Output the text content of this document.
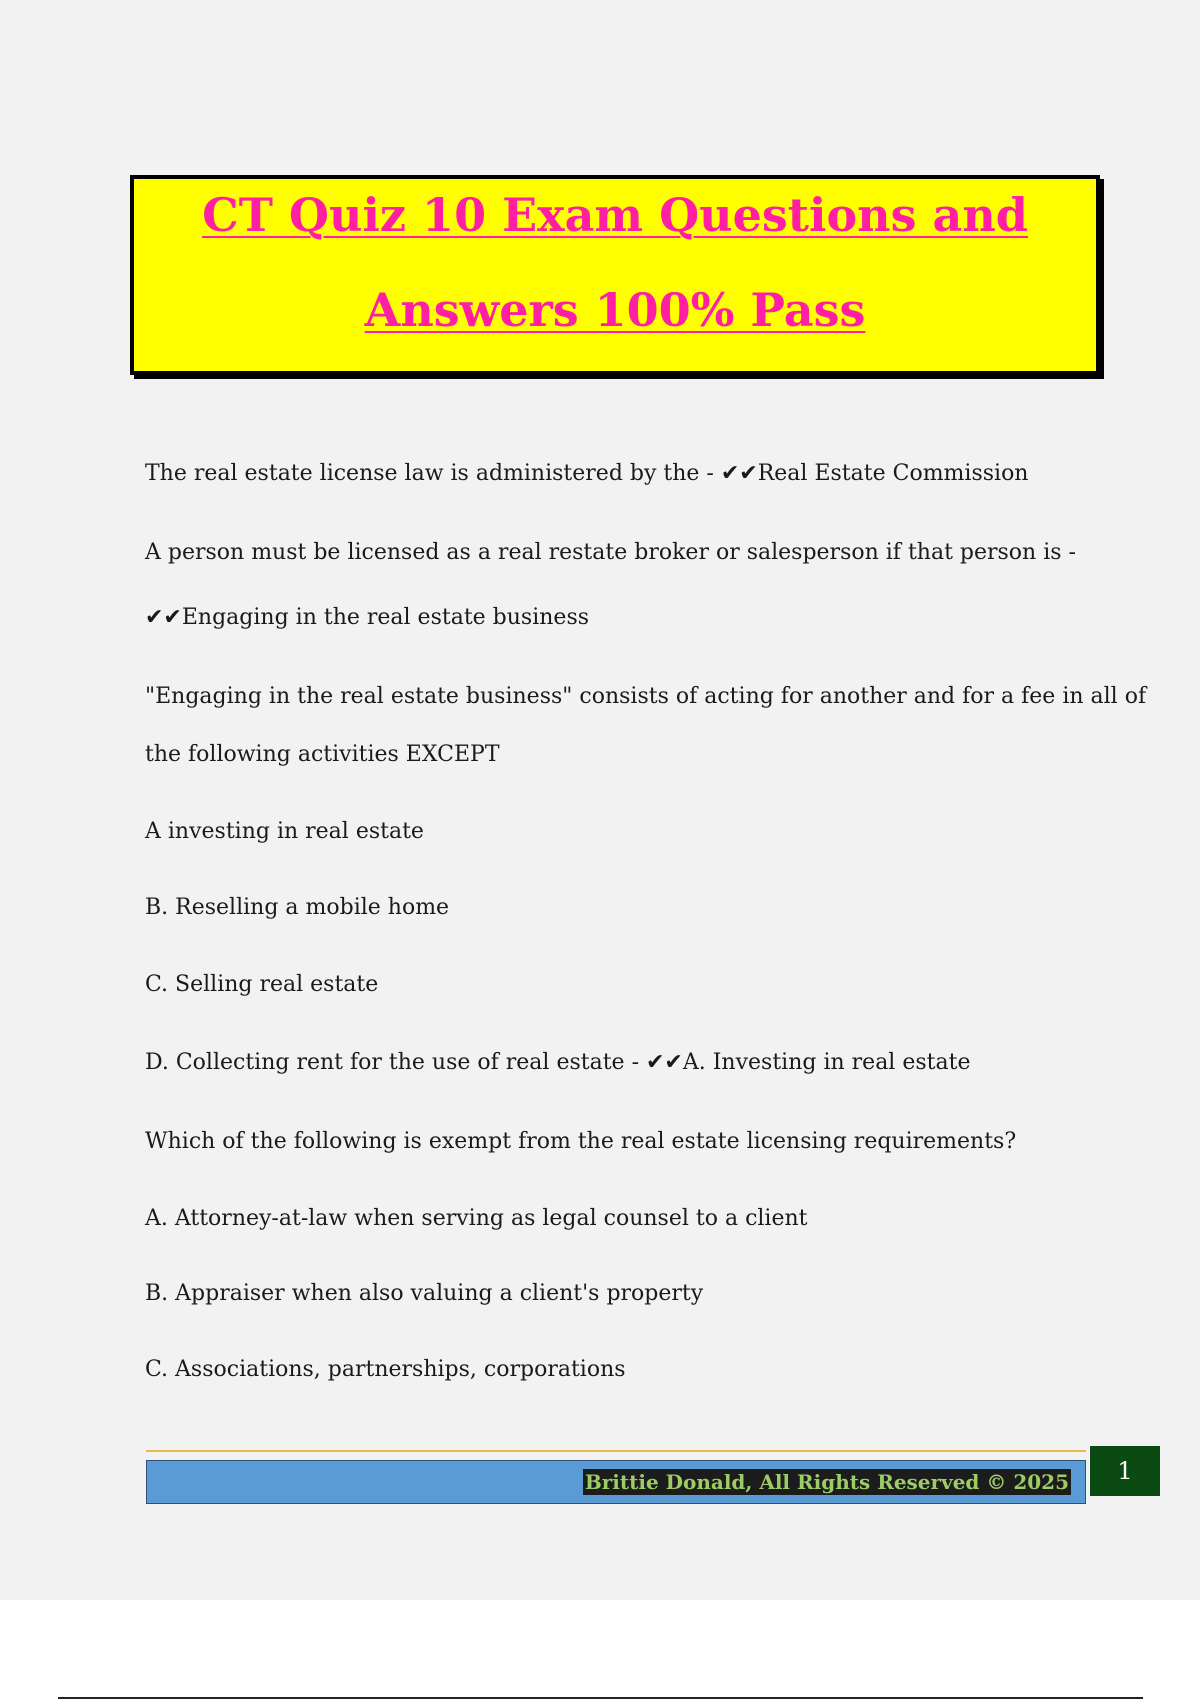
CT Quiz 10 Exam Questions and
Answers 100% Pass
The real estate license law is administered by the - ✔✔Real Estate Commission
A person must be licensed as a real restate broker or salesperson if that person is -
✔✔Engaging in the real estate business
"Engaging in the real estate business" consists of acting for another and for a fee in all of
the following activities EXCEPT
A investing in real estate
B. Reselling a mobile home
C. Selling real estate
D. Collecting rent for the use of real estate - ✔✔A. Investing in real estate
Which of the following is exempt from the real estate licensing requirements?
A. Attorney-at-law when serving as legal counsel to a client
B. Appraiser when also valuing a client's property
C. Associations, partnerships, corporations
Brittie Donald, All Rights Reserved © 2025	1
